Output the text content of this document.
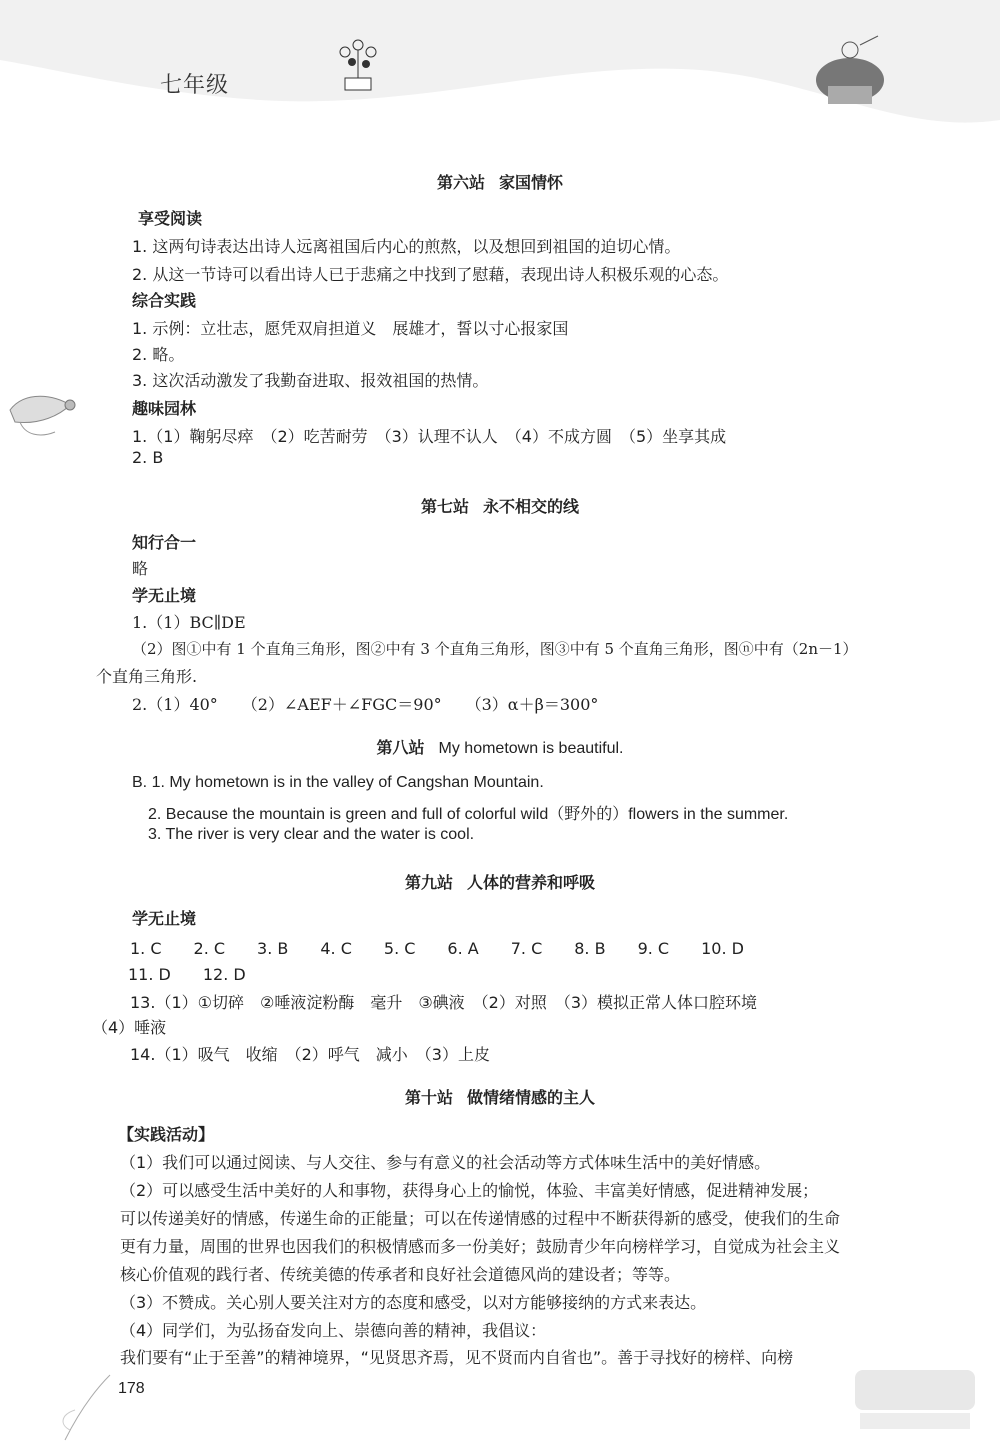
七年级
第六站 家国情怀
享受阅读
1. 这两句诗表达出诗人远离祖国后内心的煎熬，以及想回到祖国的迫切心情。
2. 从这一节诗可以看出诗人已于悲痛之中找到了慰藉，表现出诗人积极乐观的心态。
综合实践
1. 示例：立壮志，愿凭双肩担道义　展雄才，誓以寸心报家国
2. 略。
3. 这次活动激发了我勤奋进取、报效祖国的热情。
趣味园林
1.（1）鞠躬尽瘁　（2）吃苦耐劳　（3）认理不认人　（4）不成方圆　（5）坐享其成
2. B
第七站 永不相交的线
知行合一
略
学无止境
1.（1）BC∥DE
（2）图①中有 1 个直角三角形，图②中有 3 个直角三角形，图③中有 5 个直角三角形，图ⓝ中有（2n－1）
个直角三角形.
2.（1）40°　　（2）∠AEF＋∠FGC＝90°　　（3）α＋β＝300°
第八站 My hometown is beautiful.
B. 1. My hometown is in the valley of Cangshan Mountain.
2. Because the mountain is green and full of colorful wild（野外的）flowers in the summer.
3. The river is very clear and the water is cool.
第九站 人体的营养和呼吸
学无止境
1. C　　2. C　　3. B　　4. C　　5. C　　6. A　　7. C　　8. B　　9. C　　10. D
11. D　　12. D
13.（1）①切碎　②唾液淀粉酶　毫升　③碘液　（2）对照　（3）模拟正常人体口腔环境
（4）唾液
14.（1）吸气　收缩　（2）呼气　减小　（3）上皮
第十站 做情绪情感的主人
【实践活动】
（1）我们可以通过阅读、与人交往、参与有意义的社会活动等方式体味生活中的美好情感。
（2）可以感受生活中美好的人和事物，获得身心上的愉悦，体验、丰富美好情感，促进精神发展；
可以传递美好的情感，传递生命的正能量；可以在传递情感的过程中不断获得新的感受，使我们的生命
更有力量，周围的世界也因我们的积极情感而多一份美好；鼓励青少年向榜样学习，自觉成为社会主义
核心价值观的践行者、传统美德的传承者和良好社会道德风尚的建设者；等等。
（3）不赞成。关心别人要关注对方的态度和感受，以对方能够接纳的方式来表达。
（4）同学们，为弘扬奋发向上、崇德向善的精神，我倡议：
我们要有“止于至善”的精神境界，“见贤思齐焉，见不贤而内自省也”。善于寻找好的榜样、向榜
178
